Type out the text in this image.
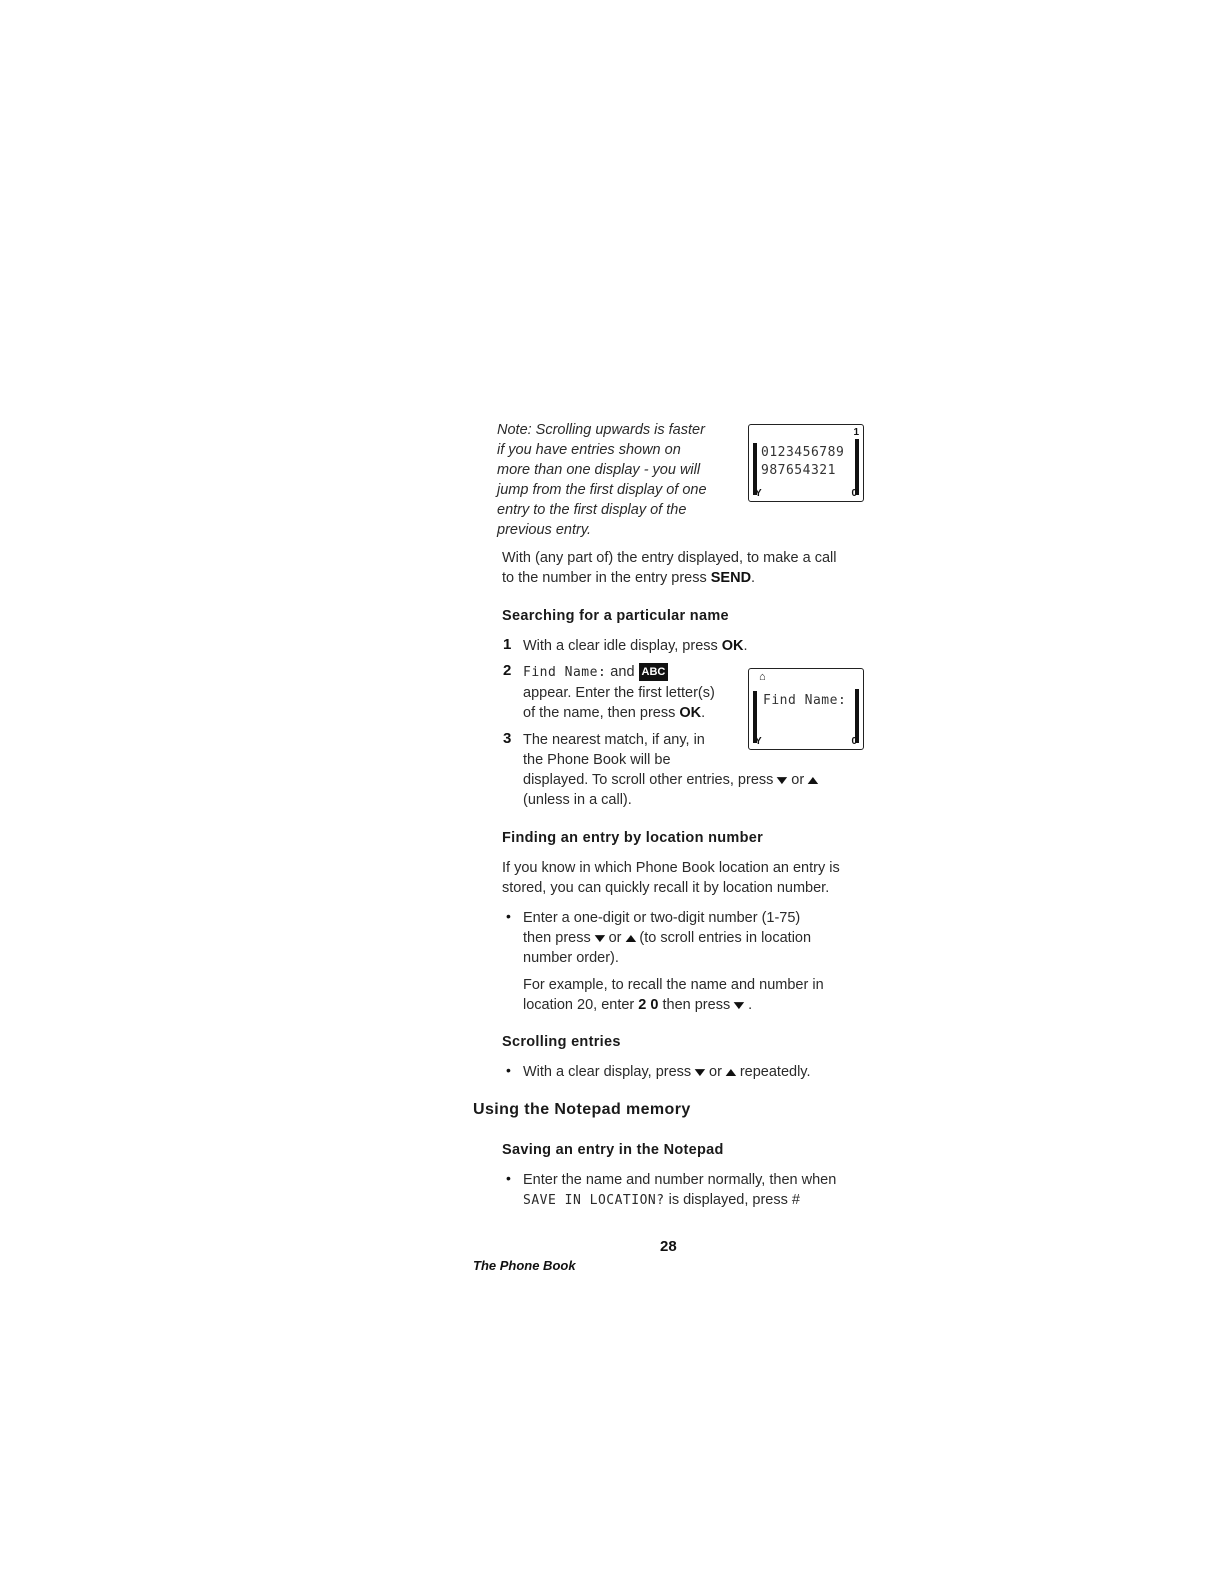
Note: Scrolling upwards is faster

if you have entries shown on

more than one display - you will

jump from the first display of one

entry to the first display of the

previous entry.

1
0123456789
987654321
Y	0
With (any part of) the entry displayed, to make a call
to the number in the entry press SEND.
Searching for a particular name
1 With a clear idle display, press OK.
2 Find Name: and ABC
appear. Enter the first letter(s)
of the name, then press OK.
⌂
Find Name:
Y	0
3 The nearest match, if any, in
the Phone Book will be
displayed. To scroll other entries, press▼or▲
(unless in a call).
Finding an entry by location number
If you know in which Phone Book location an entry is
stored, you can quickly recall it by location number.
• Enter a one-digit or two-digit number (1-75)
then press▼or▲(to scroll entries in location
number order).
For example, to recall the name and number in
location 20, enter 2 0 then press▼.
Scrolling entries
• With a clear display, press▼or▲repeatedly.
Using the Notepad memory
Saving an entry in the Notepad
• Enter the name and number normally, then when
SAVE IN LOCATION? is displayed, press #
28
The Phone Book
